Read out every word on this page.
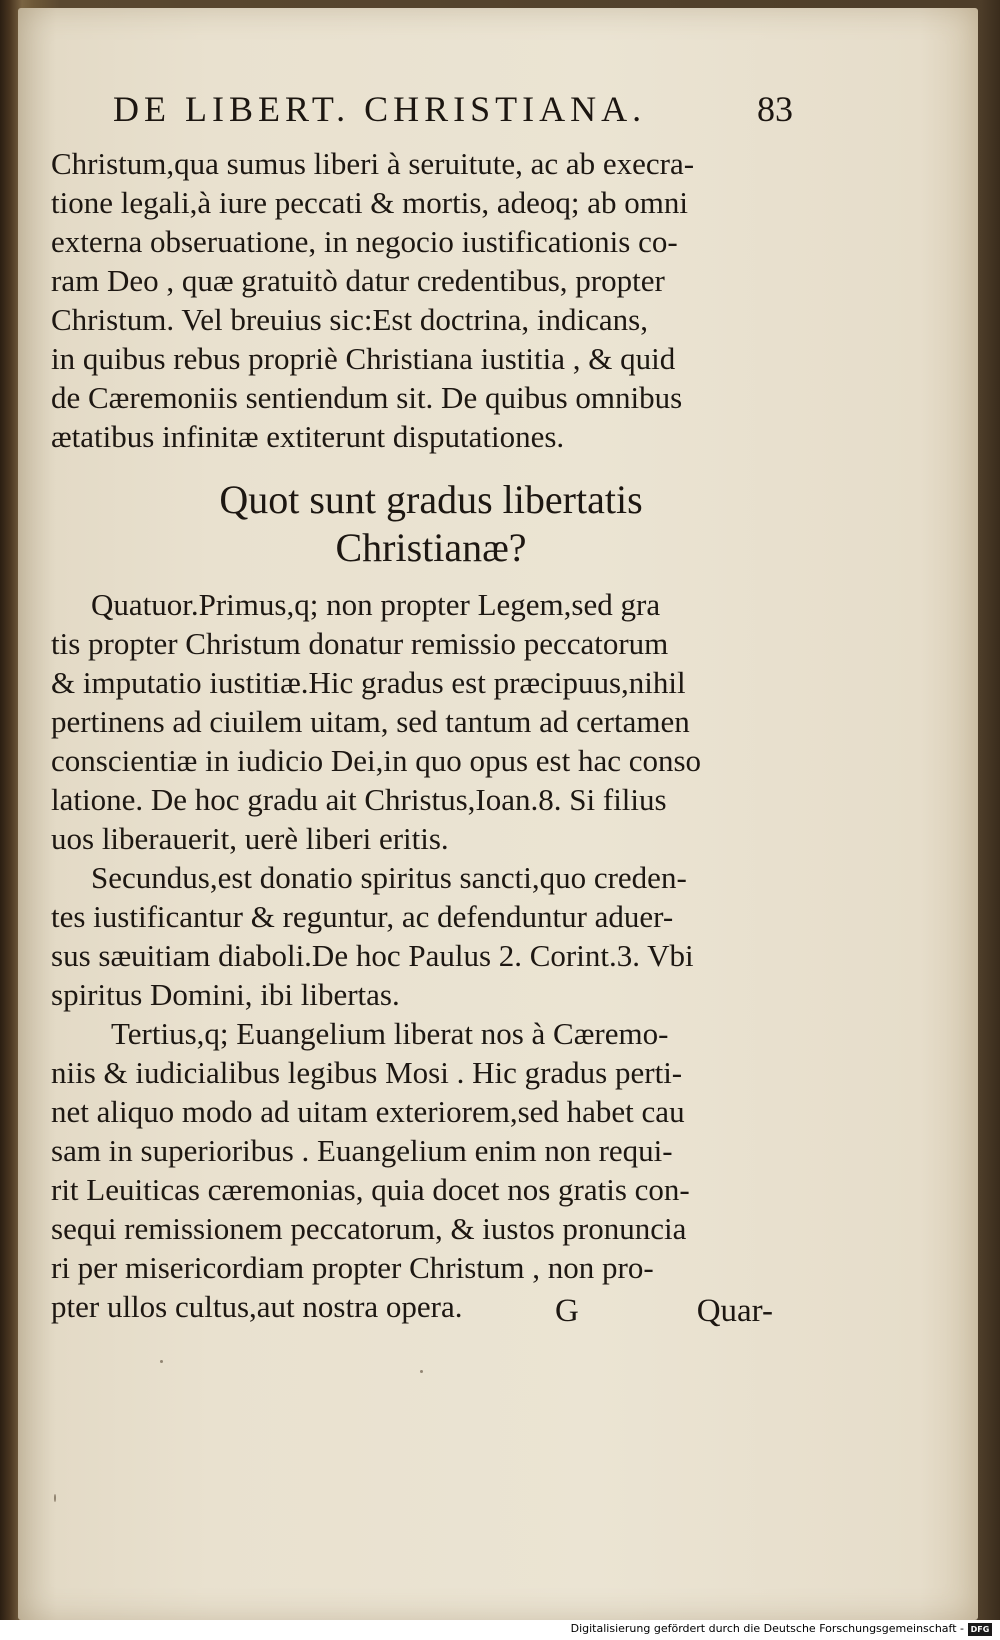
DE LIBERT. CHRISTIANA.	83
Christum,qua sumus liberi à seruitute, ac ab execra-
tione legali,à iure peccati & mortis, adeoq; ab omni
externa obseruatione, in negocio iustificationis co-
ram Deo , quæ gratuitò datur credentibus, propter
Christum. Vel breuius sic:Est doctrina, indicans,
in quibus rebus propriè Christiana iustitia , & quid
de Cæremoniis sentiendum sit. De quibus omnibus
ætatibus infinitæ extiterunt disputationes.
Quot sunt gradus libertatis
Christianæ?
Quatuor.Primus,q; non propter Legem,sed gra
tis propter Christum donatur remissio peccatorum
& imputatio iustitiæ.Hic gradus est præcipuus,nihil
pertinens ad ciuilem uitam, sed tantum ad certamen
conscientiæ in iudicio Dei,in quo opus est hac conso
latione. De hoc gradu ait Christus,Ioan.8. Si filius
uos liberauerit, uerè liberi eritis.
Secundus,est donatio spiritus sancti,quo creden-
tes iustificantur & reguntur, ac defenduntur aduer-
sus sæuitiam diaboli.De hoc Paulus 2. Corint.3. Vbi
spiritus Domini, ibi libertas.
Tertius,q; Euangelium liberat nos à Cæremo-
niis & iudicialibus legibus Mosi . Hic gradus perti-
net aliquo modo ad uitam exteriorem,sed habet cau
sam in superioribus . Euangelium enim non requi-
rit Leuiticas cæremonias, quia docet nos gratis con-
sequi remissionem peccatorum, & iustos pronuncia
ri per misericordiam propter Christum , non pro-
pter ullos cultus,aut nostra opera.	G	Quar-
Digitalisierung gefördert durch die Deutsche Forschungsgemeinschaft - DFG
